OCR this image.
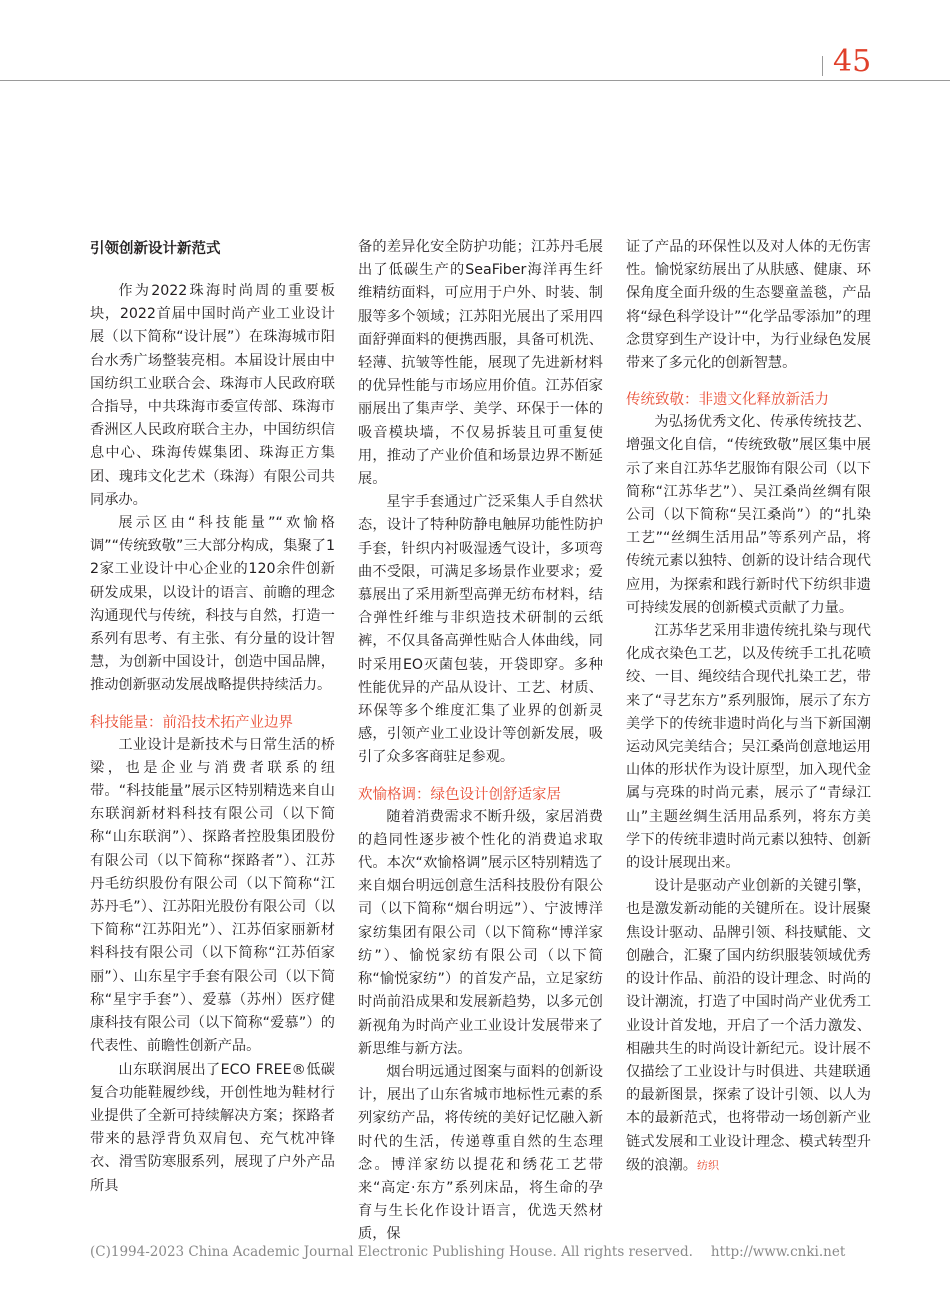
45
引领创新设计新范式

作为2022珠海时尚周的重要板块，2022首届中国时尚产业工业设计展（以下简称“设计展”）在珠海城市阳台水秀广场整装亮相。本届设计展由中国纺织工业联合会、珠海市人民政府联合指导，中共珠海市委宣传部、珠海市香洲区人民政府联合主办，中国纺织信息中心、珠海传媒集团、珠海正方集团、瑰玮文化艺术（珠海）有限公司共同承办。

展示区由“科技能量”“欢愉格调”“传统致敬”三大部分构成，集聚了12家工业设计中心企业的120余件创新研发成果，以设计的语言、前瞻的理念沟通现代与传统，科技与自然，打造一系列有思考、有主张、有分量的设计智慧，为创新中国设计，创造中国品牌，推动创新驱动发展战略提供持续活力。

科技能量：前沿技术拓产业边界

工业设计是新技术与日常生活的桥梁，也是企业与消费者联系的纽带。“科技能量”展示区特别精选来自山东联润新材料科技有限公司（以下简称“山东联润”）、探路者控股集团股份有限公司（以下简称“探路者”）、江苏丹毛纺织股份有限公司（以下简称“江苏丹毛”）、江苏阳光股份有限公司（以下简称“江苏阳光”）、江苏佰家丽新材料科技有限公司（以下简称“江苏佰家丽”）、山东星宇手套有限公司（以下简称“星宇手套”）、爱慕（苏州）医疗健康科技有限公司（以下简称“爱慕”）的代表性、前瞻性创新产品。

山东联润展出了ECO FREE®低碳复合功能鞋履纱线，开创性地为鞋材行业提供了全新可持续解决方案；探路者带来的悬浮背负双肩包、充气枕冲锋衣、滑雪防寒服系列，展现了户外产品所具

备的差异化安全防护功能；江苏丹毛展出了低碳生产的SeaFiber海洋再生纤维精纺面料，可应用于户外、时装、制服等多个领域；江苏阳光展出了采用四面舒弹面料的便携西服，具备可机洗、轻薄、抗皱等性能，展现了先进新材料的优异性能与市场应用价值。江苏佰家丽展出了集声学、美学、环保于一体的吸音模块墙，不仅易拆装且可重复使用，推动了产业价值和场景边界不断延展。

星宇手套通过广泛采集人手自然状态，设计了特种防静电触屏功能性防护手套，针织内衬吸湿透气设计，多项弯曲不受限，可满足多场景作业要求；爱慕展出了采用新型高弹无纺布材料，结合弹性纤维与非织造技术研制的云纸裤，不仅具备高弹性贴合人体曲线，同时采用EO灭菌包装，开袋即穿。多种性能优异的产品从设计、工艺、材质、环保等多个维度汇集了业界的创新灵感，引领产业工业设计等创新发展，吸引了众多客商驻足参观。

欢愉格调：绿色设计创舒适家居

随着消费需求不断升级，家居消费的趋同性逐步被个性化的消费追求取代。本次“欢愉格调”展示区特别精选了来自烟台明远创意生活科技股份有限公司（以下简称“烟台明远”）、宁波博洋家纺集团有限公司（以下简称“博洋家纺”）、愉悦家纺有限公司（以下简称“愉悦家纺”）的首发产品，立足家纺时尚前沿成果和发展新趋势，以多元创新视角为时尚产业工业设计发展带来了新思维与新方法。

烟台明远通过图案与面料的创新设计，展出了山东省城市地标性元素的系列家纺产品，将传统的美好记忆融入新时代的生活，传递尊重自然的生态理念。博洋家纺以提花和绣花工艺带来“高定·东方”系列床品，将生命的孕育与生长化作设计语言，优选天然材质，保

证了产品的环保性以及对人体的无伤害性。愉悦家纺展出了从肤感、健康、环保角度全面升级的生态婴童盖毯，产品将“绿色科学设计”“化学品零添加”的理念贯穿到生产设计中，为行业绿色发展带来了多元化的创新智慧。

传统致敬：非遗文化释放新活力

为弘扬优秀文化、传承传统技艺、增强文化自信，“传统致敬”展区集中展示了来自江苏华艺服饰有限公司（以下简称“江苏华艺”）、吴江桑尚丝绸有限公司（以下简称“吴江桑尚”）的“扎染工艺”“丝绸生活用品”等系列产品，将传统元素以独特、创新的设计结合现代应用，为探索和践行新时代下纺织非遗可持续发展的创新模式贡献了力量。

江苏华艺采用非遗传统扎染与现代化成衣染色工艺，以及传统手工扎花喷绞、一目、绳绞结合现代扎染工艺，带来了“寻艺东方”系列服饰，展示了东方美学下的传统非遗时尚化与当下新国潮运动风完美结合；吴江桑尚创意地运用山体的形状作为设计原型，加入现代金属与亮珠的时尚元素，展示了“青绿江山”主题丝绸生活用品系列，将东方美学下的传统非遗时尚元素以独特、创新的设计展现出来。

设计是驱动产业创新的关键引擎，也是激发新动能的关键所在。设计展聚焦设计驱动、品牌引领、科技赋能、文创融合，汇聚了国内纺织服装领域优秀的设计作品、前沿的设计理念、时尚的设计潮流，打造了中国时尚产业优秀工业设计首发地，开启了一个活力激发、相融共生的时尚设计新纪元。设计展不仅描绘了工业设计与时俱进、共建联通的最新图景，探索了设计引领、以人为本的最新范式，也将带动一场创新产业链式发展和工业设计理念、模式转型升级的浪潮。纺织

(C)1994-2023 China Academic Journal Electronic Publishing House. All rights reserved. http://www.cnki.net
